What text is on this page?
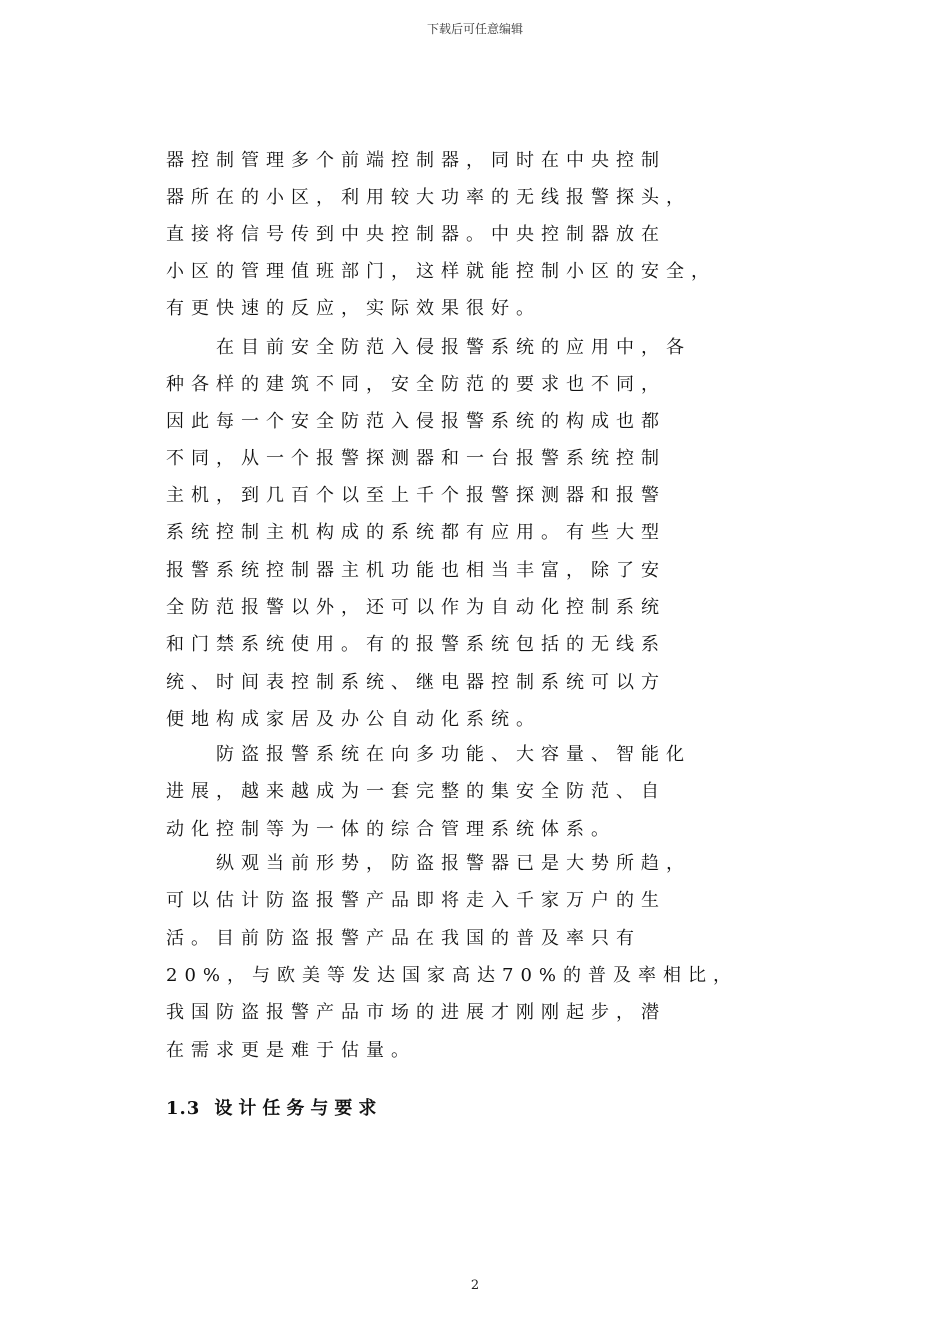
下载后可任意编辑
器控制管理多个前端控制器，同时在中央控制
器所在的小区，利用较大功率的无线报警探头，
直接将信号传到中央控制器。中央控制器放在
小区的管理值班部门，这样就能控制小区的安全，
有更快速的反应，实际效果很好。
在目前安全防范入侵报警系统的应用中，各
种各样的建筑不同，安全防范的要求也不同，
因此每一个安全防范入侵报警系统的构成也都
不同，从一个报警探测器和一台报警系统控制
主机，到几百个以至上千个报警探测器和报警
系统控制主机构成的系统都有应用。有些大型
报警系统控制器主机功能也相当丰富，除了安
全防范报警以外，还可以作为自动化控制系统
和门禁系统使用。有的报警系统包括的无线系
统、时间表控制系统、继电器控制系统可以方
便地构成家居及办公自动化系统。
防盗报警系统在向多功能、大容量、智能化
进展，越来越成为一套完整的集安全防范、自
动化控制等为一体的综合管理系统体系。
纵观当前形势，防盗报警器已是大势所趋，
可以估计防盗报警产品即将走入千家万户的生
活。目前防盗报警产品在我国的普及率只有
20%，与欧美等发达国家高达70%的普及率相比，
我国防盗报警产品市场的进展才刚刚起步，潜
在需求更是难于估量。
1.3 设计任务与要求
2
